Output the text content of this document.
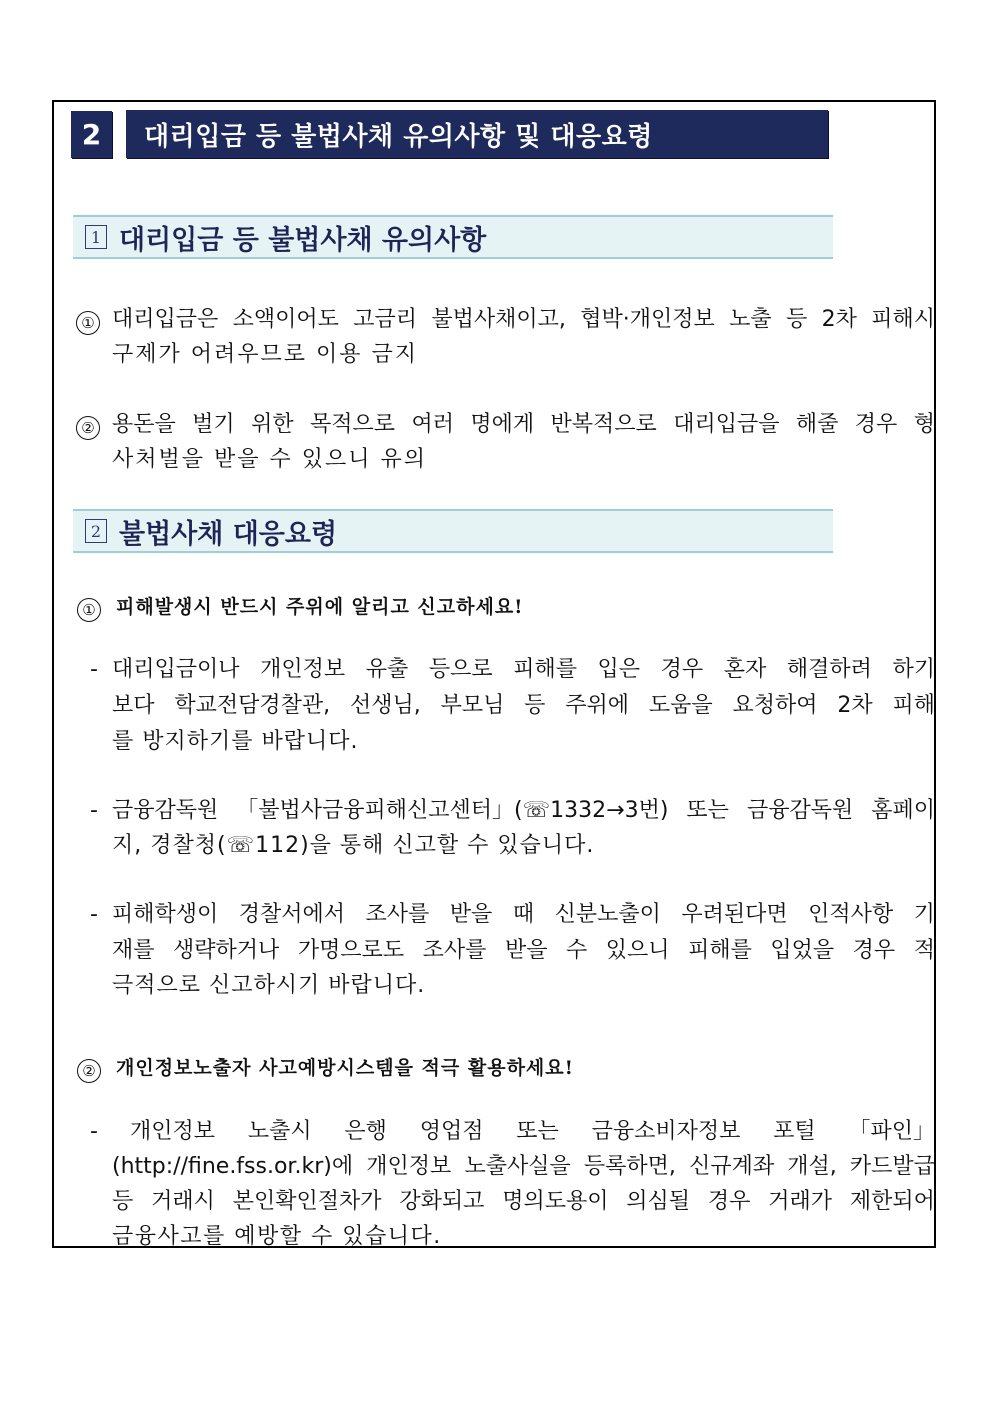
2	대리입금 등 불법사채 유의사항 및 대응요령
1 대리입금 등 불법사채 유의사항
① 대리입금은 소액이어도 고금리 불법사채이고, 협박·개인정보 노출 등 2차 피해시
구제가 어려우므로 이용 금지
② 용돈을 벌기 위한 목적으로 여러 명에게 반복적으로 대리입금을 해줄 경우 형
사처벌을 받을 수 있으니 유의
2 불법사채 대응요령
① 피해발생시 반드시 주위에 알리고 신고하세요!
- 대리입금이나 개인정보 유출 등으로 피해를 입은 경우 혼자 해결하려 하기
보다 학교전담경찰관, 선생님, 부모님 등 주위에 도움을 요청하여 2차 피해
를 방지하기를 바랍니다.
- 금융감독원 「불법사금융피해신고센터」(☏1332→3번) 또는 금융감독원 홈페이
지, 경찰청(☏112)을 통해 신고할 수 있습니다.
- 피해학생이 경찰서에서 조사를 받을 때 신분노출이 우려된다면 인적사항 기
재를 생략하거나 가명으로도 조사를 받을 수 있으니 피해를 입었을 경우 적
극적으로 신고하시기 바랍니다.
② 개인정보노출자 사고예방시스템을 적극 활용하세요!
- 개인정보 노출시 은행 영업점 또는 금융소비자정보 포털 「파인」
(http://fine.fss.or.kr)에 개인정보 노출사실을 등록하면, 신규계좌 개설, 카드발급
등 거래시 본인확인절차가 강화되고 명의도용이 의심될 경우 거래가 제한되어
금융사고를 예방할 수 있습니다.
